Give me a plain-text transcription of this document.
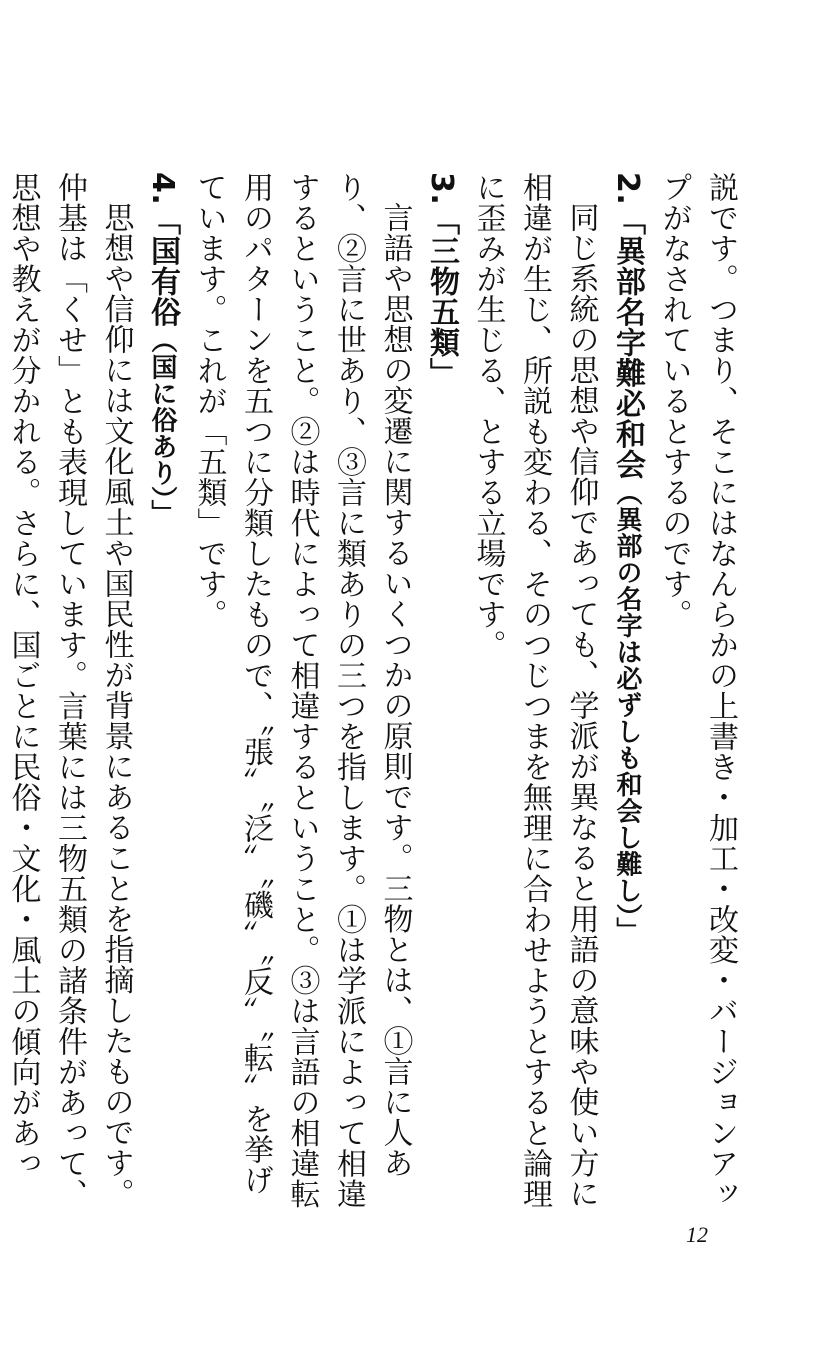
説です。つまり、そこにはなんらかの上書き・加工・改変・バージョンアップがなされているとするのです。

2.「異部名字難必和会（異部の名字は必ずしも和会し難し）」

同じ系統の思想や信仰であっても、学派が異なると用語の意味や使い方に相違が生じ、所説も変わる、そのつじつまを無理に合わせようとすると論理に歪みが生じる、とする立場です。

3.「三物五類」

言語や思想の変遷に関するいくつかの原則です。三物とは、①言に人あり、②言に世あり、③言に類ありの三つを指します。①は学派によって相違するということ。②は時代によって相違するということ。③は言語の相違転用のパターンを五つに分類したもので、〝張〟〝泛〟〝磯〟〝反〟〝転〟を挙げています。これが「五類」です。

4.「国有俗（国に俗あり）」

思想や信仰には文化風土や国民性が背景にあることを指摘したものです。仲基は「くせ」とも表現しています。言葉には三物五類の諸条件があって、思想や教えが分かれる。さらに、国ごとに民俗・文化・風土の傾向があっ

12
